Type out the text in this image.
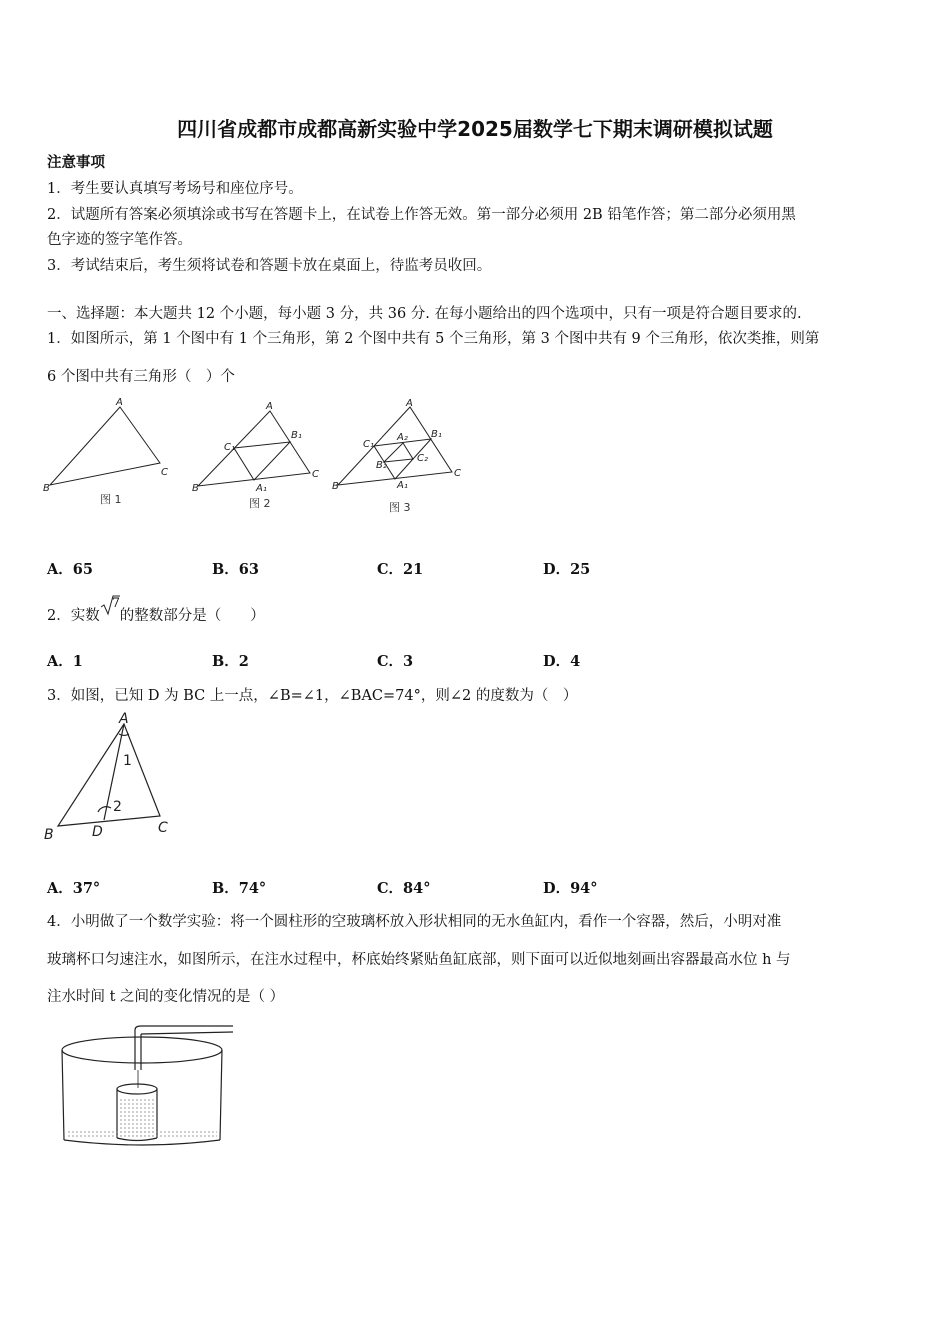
四川省成都市成都高新实验中学2025届数学七下期末调研模拟试题
注意事项
1．考生要认真填写考场号和座位序号。
2．试题所有答案必须填涂或书写在答题卡上，在试卷上作答无效。第一部分必须用 2B 铅笔作答；第二部分必须用黑
色字迹的签字笔作答。
3．考试结束后，考生须将试卷和答题卡放在桌面上，待监考员收回。
一、选择题：本大题共 12 个小题，每小题 3 分，共 36 分. 在每小题给出的四个选项中，只有一项是符合题目要求的.
1．如图所示，第 1 个图中有 1 个三角形，第 2 个图中共有 5 个三角形，第 3 个图中共有 9 个三角形，依次类推，则第
6 个图中共有三角形（　）个
A
B
C
A
B
C
C₁
B₁
A₁
A
B
C
C₁
B₁
A₂
B₂
C₂
A₁
图 1	图 2	图 3
A．65	B．63	C．21	D．25
2．实数
7
的整数部分是（　　）
A．1	B．2	C．3	D．4
3．如图，已知 D 为 BC 上一点，∠B=∠1，∠BAC=74°，则∠2 的度数为（　）
A
B	C
D
1
2
A．37°	B．74°	C．84°	D．94°
4．小明做了一个数学实验：将一个圆柱形的空玻璃杯放入形状相同的无水鱼缸内，看作一个容器，然后，小明对准
玻璃杯口匀速注水，如图所示，在注水过程中，杯底始终紧贴鱼缸底部，则下面可以近似地刻画出容器最高水位 h 与
注水时间 t 之间的变化情况的是（ ）
